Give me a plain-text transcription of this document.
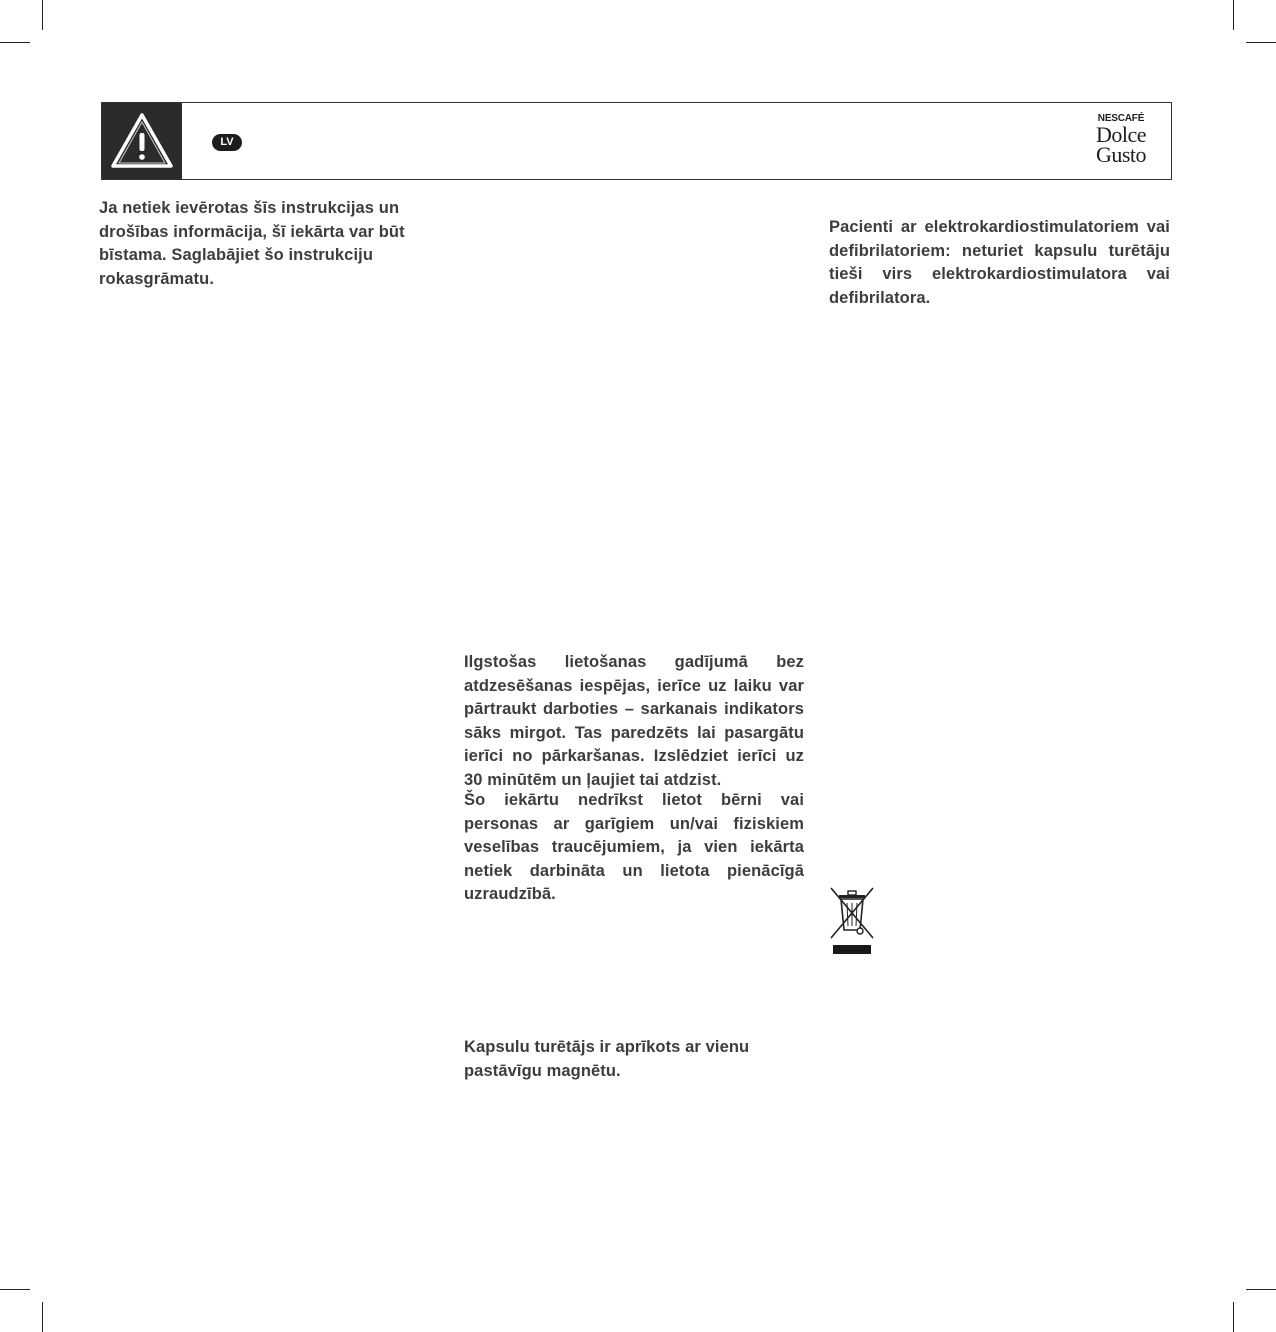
LV
NESCAFÉ
Dolce
Gusto

Ja netiek ievērotas šīs instrukcijas un drošības informācija, šī iekārta var būt bīstama. Saglabājiet šo instrukciju rokasgrāmatu.

Ilgstošas lietošanas gadījumā bez atdzesēšanas iespējas, ierīce uz laiku var pārtraukt darboties – sarkanais indikators sāks mirgot. Tas paredzēts lai pasargātu ierīci no pārkaršanas. Izslēdziet ierīci uz 30 minūtēm un ļaujiet tai atdzist.

Šo iekārtu nedrīkst lietot bērni vai personas ar garīgiem un/vai fiziskiem veselības traucējumiem, ja vien iekārta netiek darbināta un lietota pienācīgā uzraudzībā.

Kapsulu turētājs ir aprīkots ar vienu pastāvīgu magnētu.

Pacienti ar elektrokardiostimulatoriem vai defibrilatoriem: neturiet kapsulu turētāju tieši virs elektrokardiostimulatora vai defibrilatora.
